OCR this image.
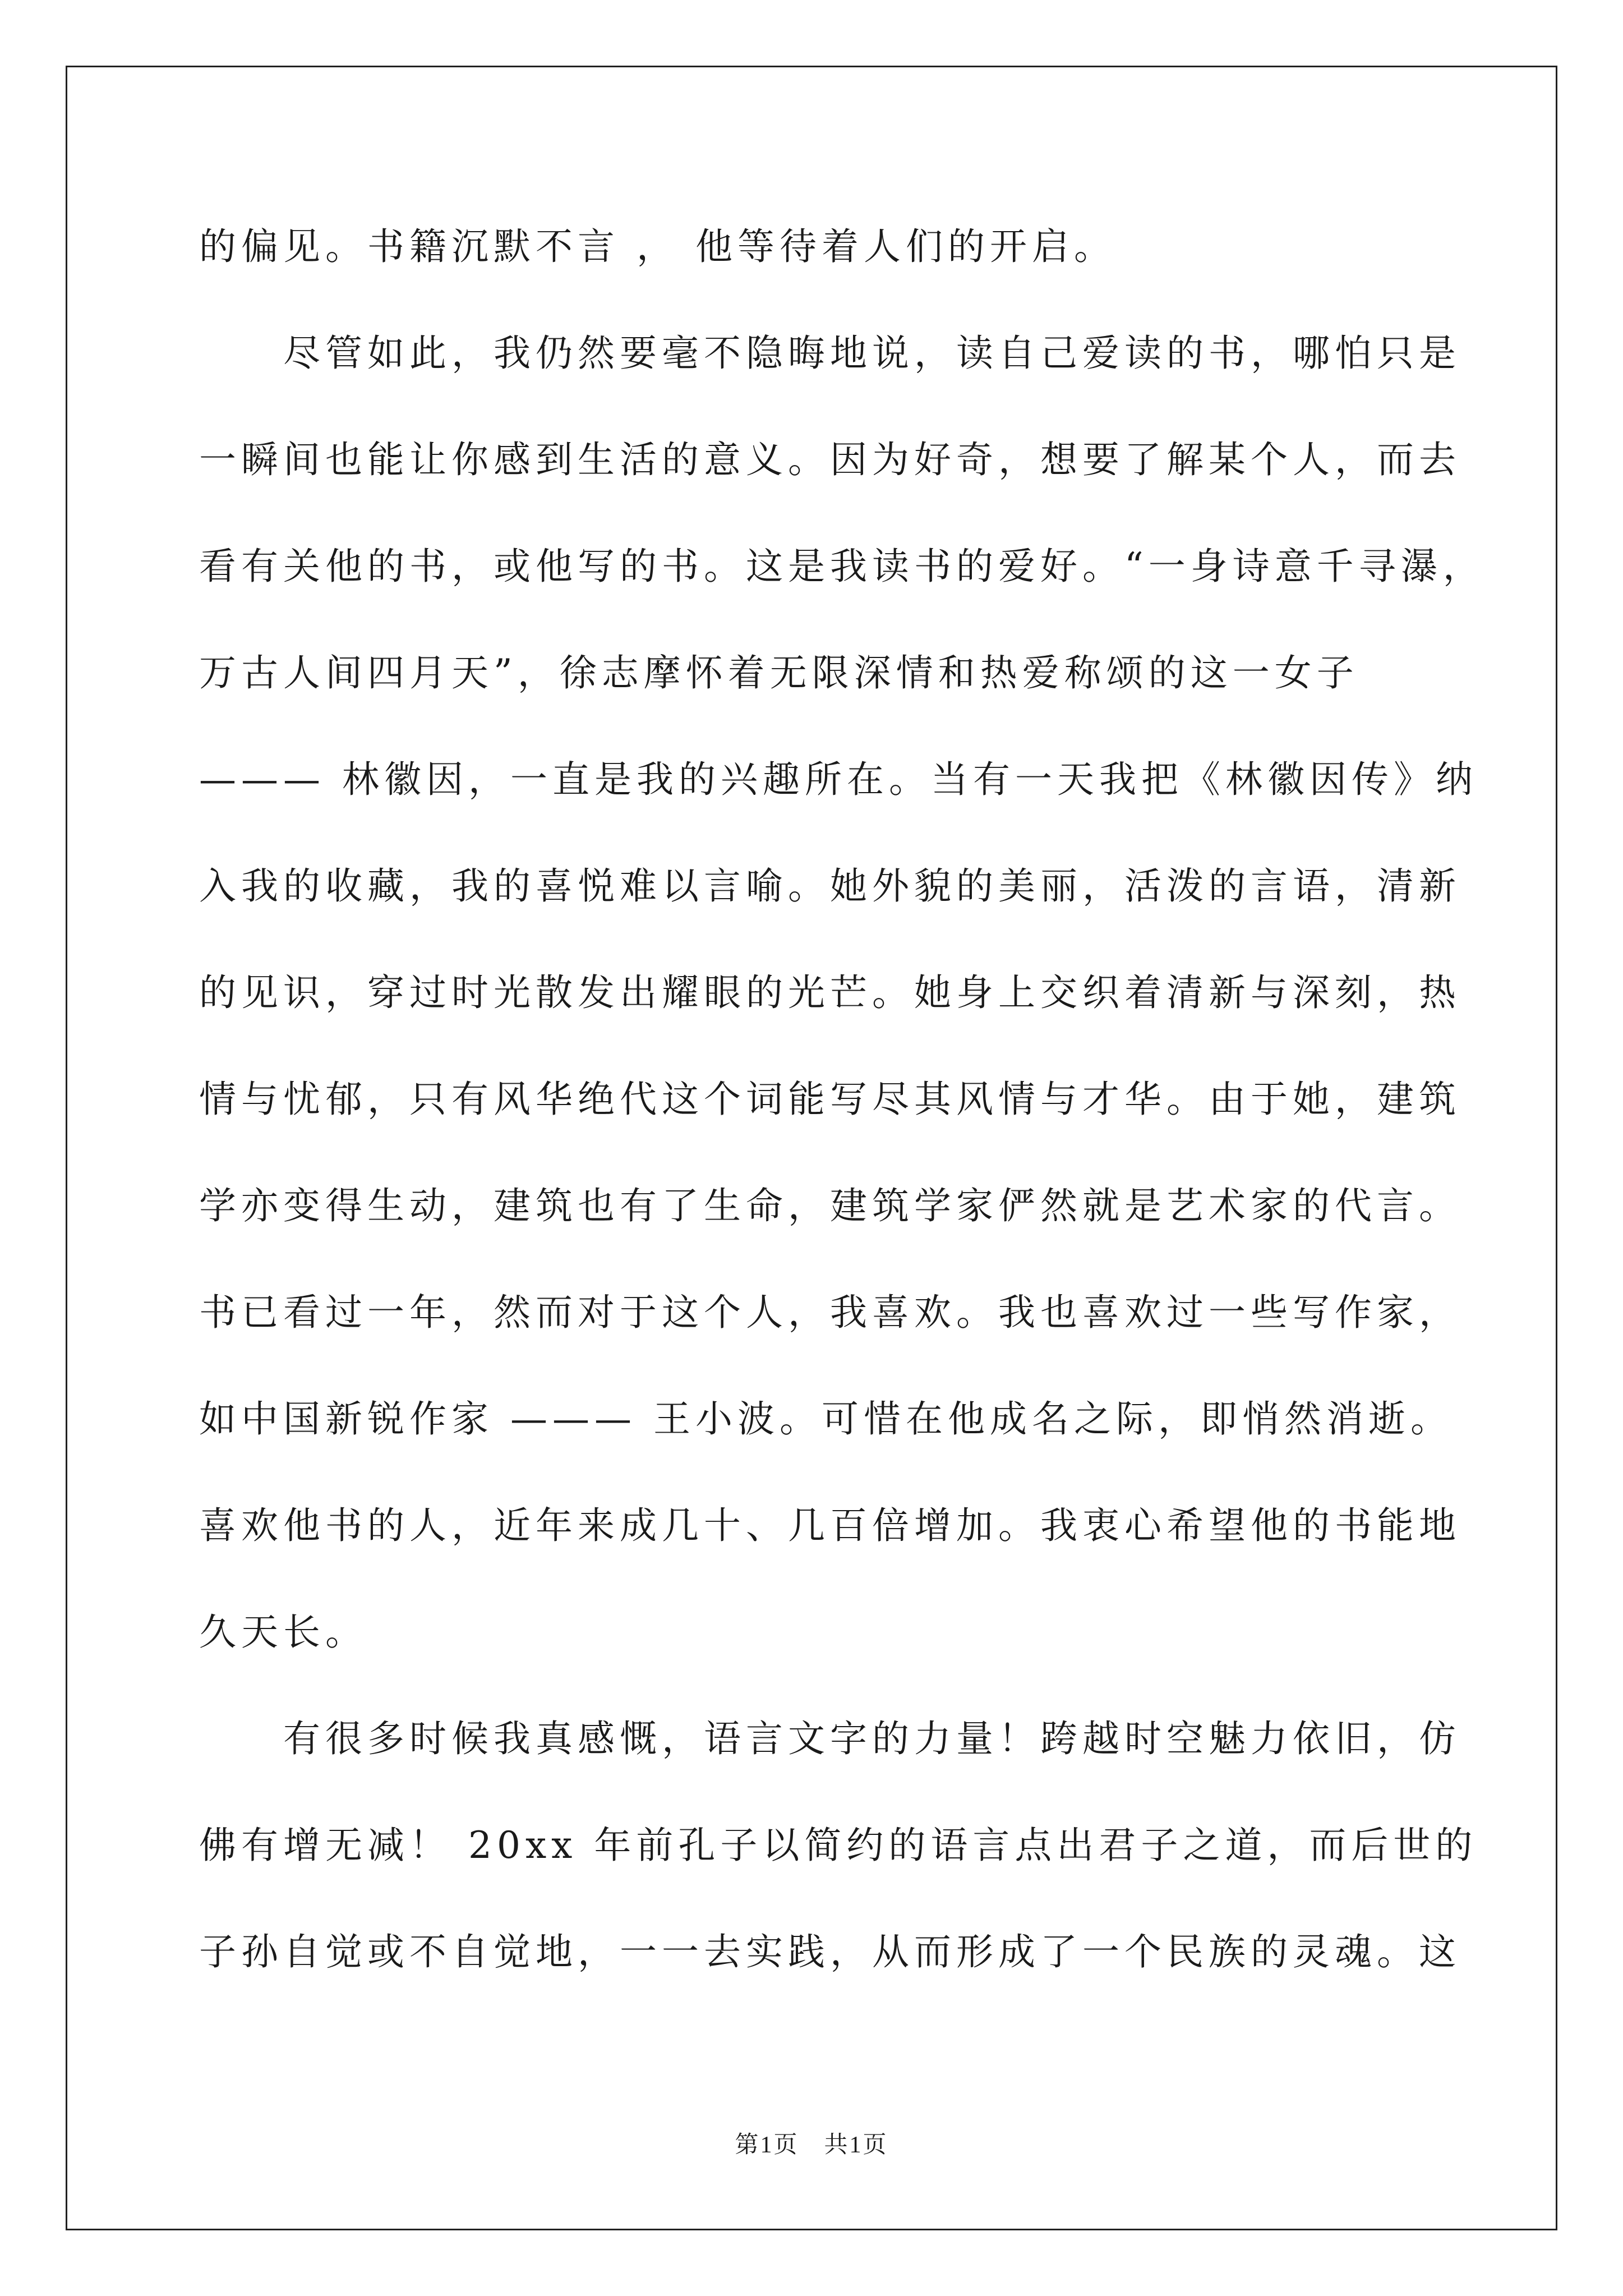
的偏见。书籍沉默不言 ， 他等待着人们的开启。
尽管如此，我仍然要毫不隐晦地说，读自己爱读的书，哪怕只是
一瞬间也能让你感到生活的意义。因为好奇，想要了解某个人，而去
看有关他的书，或他写的书。这是我读书的爱好。“一身诗意千寻瀑，
万古人间四月天”，徐志摩怀着无限深情和热爱称颂的这一女子
——— 林徽因，一直是我的兴趣所在。当有一天我把《林徽因传》纳
入我的收藏，我的喜悦难以言喻。她外貌的美丽，活泼的言语，清新
的见识，穿过时光散发出耀眼的光芒。她身上交织着清新与深刻，热
情与忧郁，只有风华绝代这个词能写尽其风情与才华。由于她，建筑
学亦变得生动，建筑也有了生命，建筑学家俨然就是艺术家的代言。
书已看过一年，然而对于这个人，我喜欢。我也喜欢过一些写作家，
如中国新锐作家 ——— 王小波。可惜在他成名之际，即悄然消逝。
喜欢他书的人，近年来成几十、几百倍增加。我衷心希望他的书能地
久天长。
有很多时候我真感慨，语言文字的力量！跨越时空魅力依旧，仿
佛有增无减！ 20xx 年前孔子以简约的语言点出君子之道，而后世的
子孙自觉或不自觉地，一一去实践，从而形成了一个民族的灵魂。这
第1页　共1页
